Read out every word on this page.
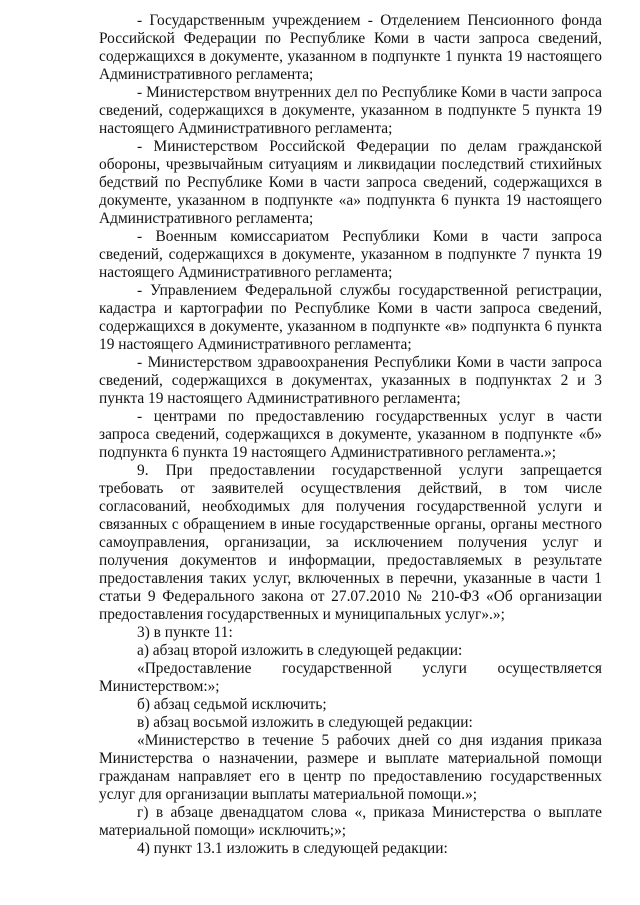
- Государственным учреждением - Отделением Пенсионного фонда Российской Федерации по Республике Коми в части запроса сведений, содержащихся в документе, указанном в подпункте 1 пункта 19 настоящего Административного регламента;

- Министерством внутренних дел по Республике Коми в части запроса сведений, содержащихся в документе, указанном в подпункте 5 пункта 19 настоящего Административного регламента;

- Министерством Российской Федерации по делам гражданской обороны, чрезвычайным ситуациям и ликвидации последствий стихийных бедствий по Республике Коми в части запроса сведений, содержащихся в документе, указанном в подпункте «а» подпункта 6 пункта 19 настоящего Административного регламента;

- Военным комиссариатом Республики Коми в части запроса сведений, содержащихся в документе, указанном в подпункте 7 пункта 19 настоящего Административного регламента;

- Управлением Федеральной службы государственной регистрации, кадастра и картографии по Республике Коми в части запроса сведений, содержащихся в документе, указанном в подпункте «в» подпункта 6 пункта 19 настоящего Административного регламента;

- Министерством здравоохранения Республики Коми в части запроса сведений, содержащихся в документах, указанных в подпунктах 2 и 3 пункта 19 настоящего Административного регламента;

- центрами по предоставлению государственных услуг в части запроса сведений, содержащихся в документе, указанном в подпункте «б» подпункта 6 пункта 19 настоящего Административного регламента.»;

9. При предоставлении государственной услуги запрещается требовать от заявителей осуществления действий, в том числе согласований, необходимых для получения государственной услуги и связанных с обращением в иные государственные органы, органы местного самоуправления, организации, за исключением получения услуг и получения документов и информации, предоставляемых в результате предоставления таких услуг, включенных в перечни, указанные в части 1 статьи 9 Федерального закона от 27.07.2010 № 210-ФЗ «Об организации предоставления государственных и муниципальных услуг».»;

3) в пункте 11:

а) абзац второй изложить в следующей редакции:

«Предоставление государственной услуги осуществляется Министерством:»;

б) абзац седьмой исключить;

в) абзац восьмой изложить в следующей редакции:

«Министерство в течение 5 рабочих дней со дня издания приказа Министерства о назначении, размере и выплате материальной помощи гражданам направляет его в центр по предоставлению государственных услуг для организации выплаты материальной помощи.»;

г) в абзаце двенадцатом слова «, приказа Министерства о выплате материальной помощи» исключить;»;

4) пункт 13.1 изложить в следующей редакции:
